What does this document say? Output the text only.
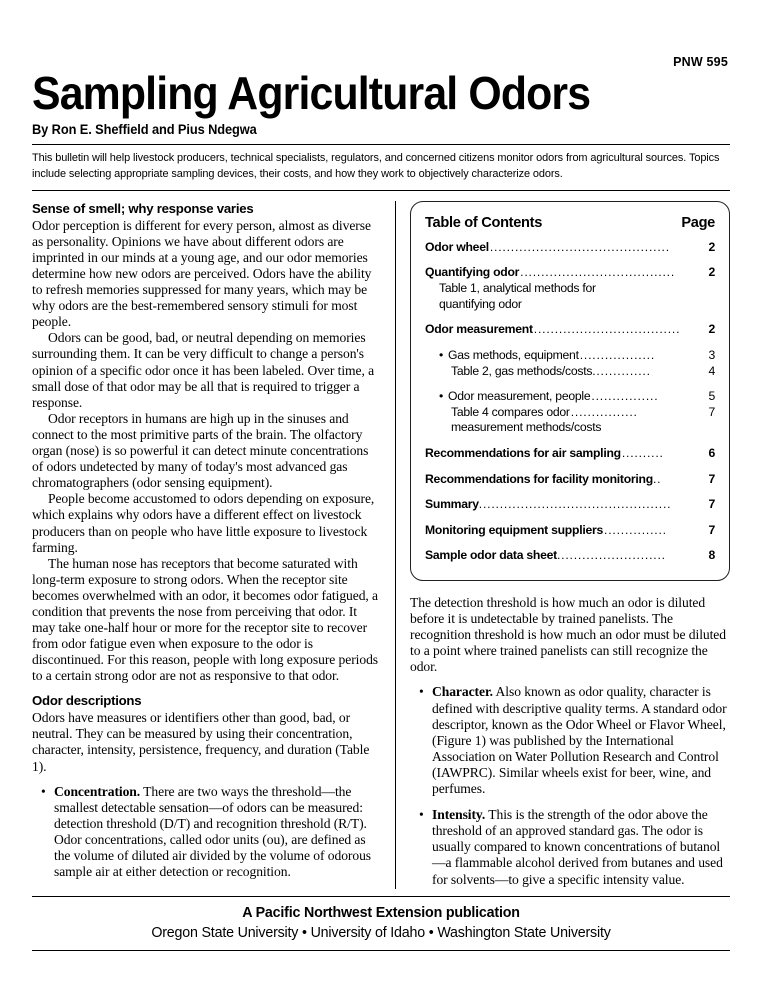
PNW 595
Sampling Agricultural Odors
By Ron E. Sheffield and Pius Ndegwa
This bulletin will help livestock producers, technical specialists, regulators, and concerned citizens monitor odors from agricultural sources. Topics include selecting appropriate sampling devices, their costs, and how they work to objectively characterize odors.
Sense of smell; why response varies

Odor perception is different for every person, almost as diverse as personality. Opinions we have about different odors are imprinted in our minds at a young age, and our odor memories determine how new odors are perceived. Odors have the ability to refresh memories suppressed for many years, which may be why odors are the best-remembered sensory stimuli for most people.

Odors can be good, bad, or neutral depending on memories surrounding them. It can be very difficult to change a person's opinion of a specific odor once it has been labeled. Over time, a small dose of that odor may be all that is required to trigger a response.

Odor receptors in humans are high up in the sinuses and connect to the most primitive parts of the brain. The olfactory organ (nose) is so powerful it can detect minute concentrations of odors undetected by many of today's most advanced gas chromatographers (odor sensing equipment).

People become accustomed to odors depending on exposure, which explains why odors have a different effect on livestock producers than on people who have little exposure to livestock farming.

The human nose has receptors that become saturated with long-term exposure to strong odors. When the receptor site becomes overwhelmed with an odor, it becomes odor fatigued, a condition that prevents the nose from perceiving that odor. It may take one-half hour or more for the receptor site to recover from odor fatigue even when exposure to the odor is discontinued. For this reason, people with long exposure periods to a certain strong odor are not as responsive to that odor.

Odor descriptions

Odors have measures or identifiers other than good, bad, or neutral. They can be measured by using their concentration, character, intensity, persistence, frequency, and duration (Table 1).

• Concentration. There are two ways the threshold—the smallest detectable sensation—of odors can be measured: detection threshold (D/T) and recognition threshold (R/T). Odor concentrations, called odor units (ou), are defined as the volume of diluted air divided by the volume of odorous sample air at either detection or recognition.
Table of Contents	Page
Odor wheel ...........................................	2
Quantifying odor .....................................	2
Table 1, analytical methods for
quantifying odor
Odor measurement ...................................	2
• Gas methods, equipment ..................	3
Table 2, gas methods/costs ..............	4
• Odor measurement, people ................	5
Table 4 compares odor ................	7
measurement methods/costs
Recommendations for air sampling ..........	6
Recommendations for facility monitoring ..	7
Summary ..............................................	7
Monitoring equipment suppliers ...............	7
Sample odor data sheet ..........................	8

The detection threshold is how much an odor is diluted before it is undetectable by trained panelists. The recognition threshold is how much an odor must be diluted to a point where trained panelists can still recognize the odor.

• Character. Also known as odor quality, character is defined with descriptive quality terms. A standard odor descriptor, known as the Odor Wheel or Flavor Wheel, (Figure 1) was published by the International Association on Water Pollution Research and Control (IAWPRC). Similar wheels exist for beer, wine, and perfumes.
• Intensity. This is the strength of the odor above the threshold of an approved standard gas. The odor is usually compared to known concentrations of butanol—a flammable alcohol derived from butanes and used for solvents—to give a specific intensity value.
A Pacific Northwest Extension publication
Oregon State University • University of Idaho • Washington State University
